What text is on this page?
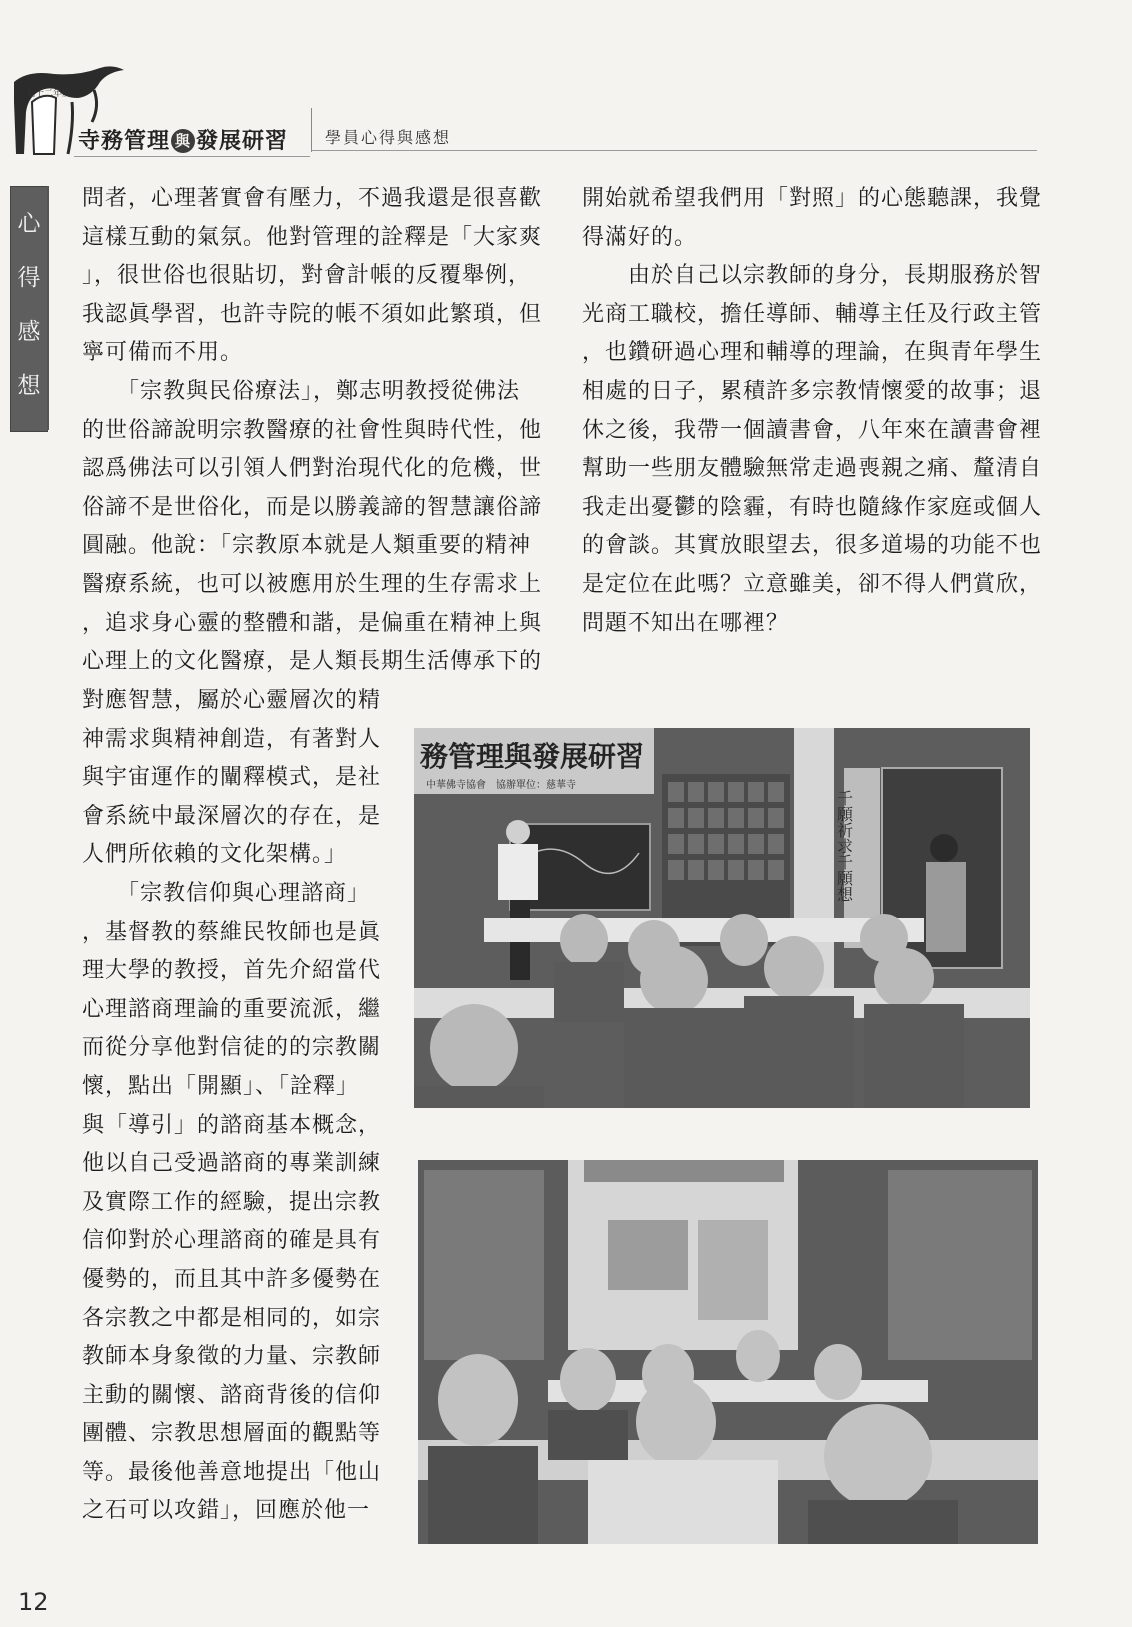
九十二年度
寺務管理 與 發展研習 學員心得與感想
心
得
感
想

問者，心理著實會有壓力，不過我還是很喜歡

這樣互動的氣氛。他對管理的詮釋是「大家爽

」，很世俗也很貼切，對會計帳的反覆舉例，

我認眞學習，也許寺院的帳不須如此繁瑣，但

寧可備而不用。

　　「宗教與民俗療法」，鄭志明教授從佛法

的世俗諦說明宗教醫療的社會性與時代性，他

認爲佛法可以引領人們對治現代化的危機，世

俗諦不是世俗化，而是以勝義諦的智慧讓俗諦

圓融。他說：「宗教原本就是人類重要的精神

醫療系統，也可以被應用於生理的生存需求上

，追求身心靈的整體和諧，是偏重在精神上與

心理上的文化醫療，是人類長期生活傳承下的

對應智慧，屬於心靈層次的精

神需求與精神創造，有著對人

與宇宙運作的闡釋模式，是社

會系統中最深層次的存在，是

人們所依賴的文化架構。」

　　「宗教信仰與心理諮商」

，基督教的蔡維民牧師也是眞

理大學的教授，首先介紹當代

心理諮商理論的重要流派，繼

而從分享他對信徒的的宗教關

懷，點出「開顯」、「詮釋」

與「導引」的諮商基本概念，

他以自己受過諮商的專業訓練

及實際工作的經驗，提出宗教

信仰對於心理諮商的確是具有

優勢的，而且其中許多優勢在

各宗教之中都是相同的，如宗

教師本身象徵的力量、宗教師

主動的關懷、諮商背後的信仰

團體、宗教思想層面的觀點等

等。最後他善意地提出「他山

之石可以攻錯」，回應於他一

開始就希望我們用「對照」的心態聽課，我覺

得滿好的。

　　由於自己以宗教師的身分，長期服務於智

光商工職校，擔任導師、輔導主任及行政主管

，也鑽研過心理和輔導的理論，在與青年學生

相處的日子，累積許多宗教情懷愛的故事；退

休之後，我帶一個讀書會，八年來在讀書會裡

幫助一些朋友體驗無常走過喪親之痛、釐清自

我走出憂鬱的陰霾，有時也隨緣作家庭或個人

的會談。其實放眼望去，很多道場的功能不也

是定位在此嗎？立意雖美，卻不得人們賞欣，

問題不知出在哪裡？

務管理與發展研習
中華佛寺協會　協辦單位：慈華寺
千願祈求千願想
12
